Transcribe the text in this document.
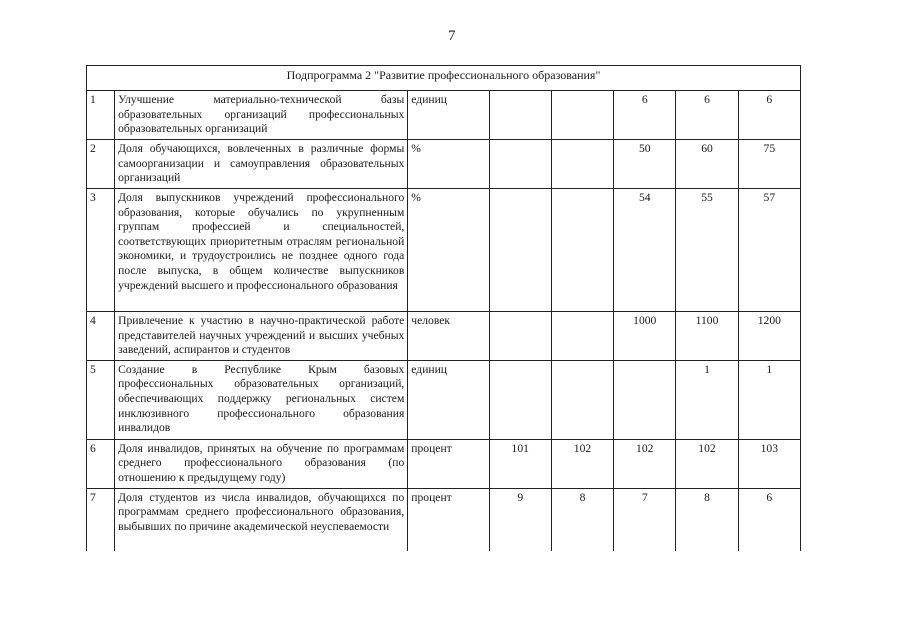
7
Подпрограмма 2 "Развитие профессионального образования"							
1	Улучшение материально-технической базы образовательных организаций профессиональных образовательных организаций	единиц			6	6	6
2	Доля обучающихся, вовлеченных в различные формы самоорганизации и самоуправления образовательных организаций	%			50	60	75
3	Доля выпускников учреждений профессионального образования, которые обучались по укрупненным группам профессией и специальностей, соответствующих приоритетным отраслям региональной экономики, и трудоустроились не позднее одного года после выпуска, в общем количестве выпускников учреждений высшего и профессионального образования	%			54	55	57
4	Привлечение к участию в научно-практической работе представителей научных учреждений и высших учебных заведений, аспирантов и студентов	человек			1000	1100	1200
5	Создание в Республике Крым базовых профессиональных образовательных организаций, обеспечивающих поддержку региональных систем инклюзивного профессионального образования инвалидов	единиц				1	1
6	Доля инвалидов, принятых на обучение по программам среднего профессионального образования (по отношению к предыдущему году)	процент	101	102	102	102	103
7	Доля студентов из числа инвалидов, обучающихся по программам среднего профессионального образования, выбывших по причине академической неуспеваемости	процент	9	8	7	8	6
